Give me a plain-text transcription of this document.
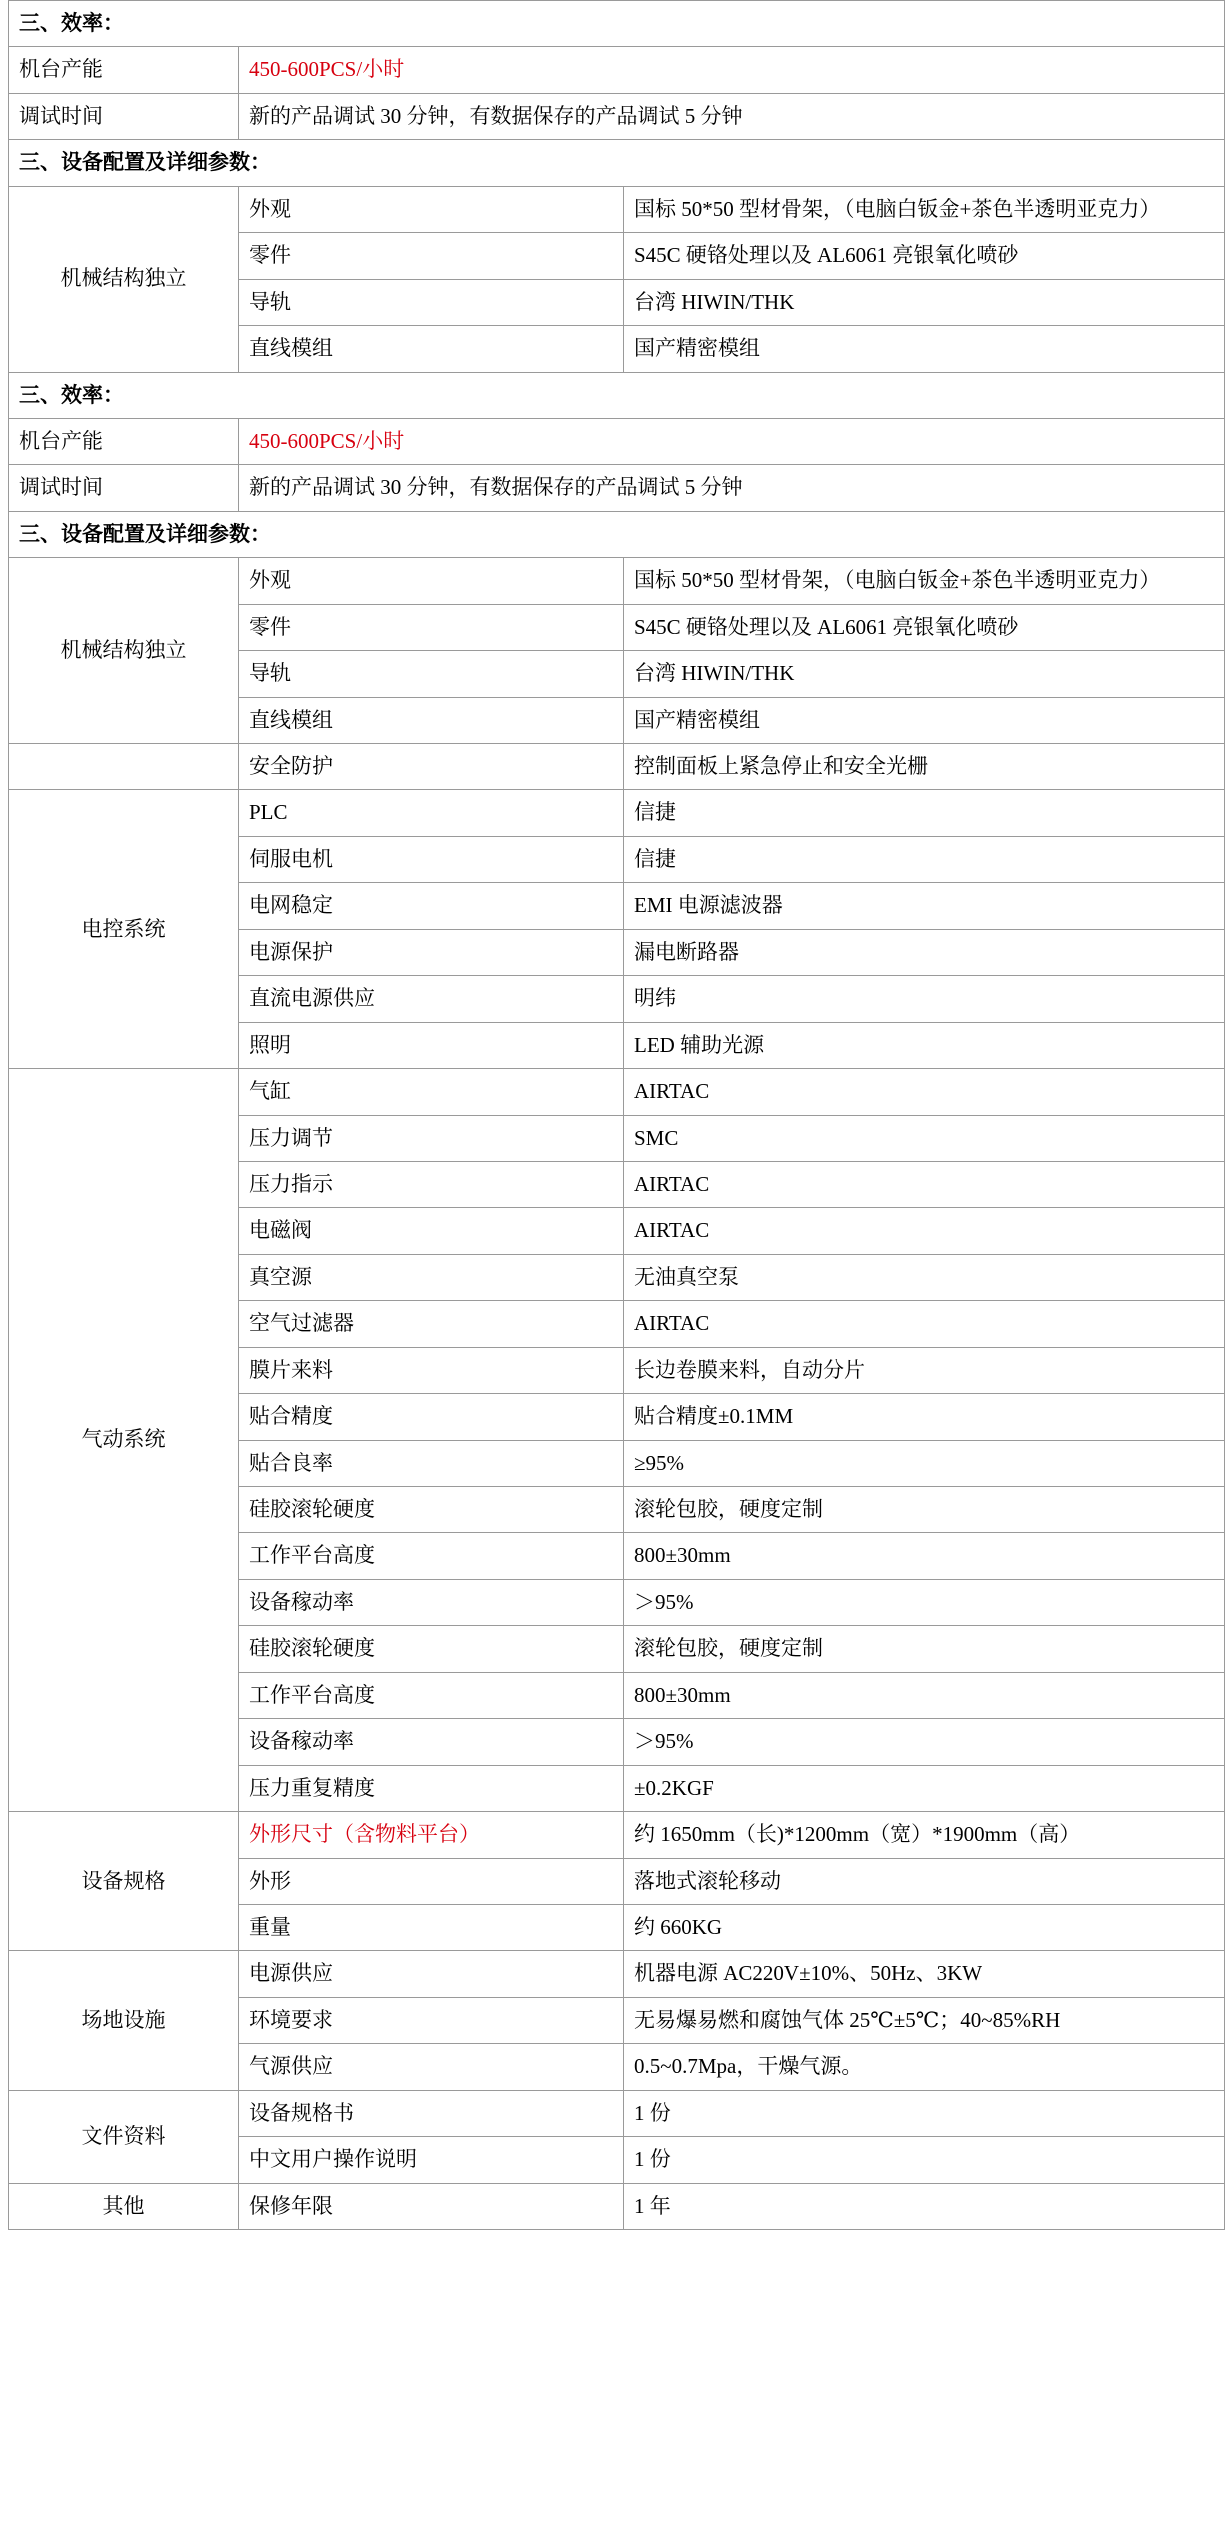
三、效率：		
机台产能	450-600PCS/小时	
调试时间	新的产品调试 30 分钟，有数据保存的产品调试 5 分钟	
三、设备配置及详细参数：		
机械结构独立	外观	国标 50*50 型材骨架，（电脑白钣金+茶色半透明亚克力）
	零件	S45C 硬铬处理以及 AL6061 亮银氧化喷砂
	导轨	台湾 HIWIN/THK
	直线模组	国产精密模组
三、效率：		
机台产能	450-600PCS/小时	
调试时间	新的产品调试 30 分钟，有数据保存的产品调试 5 分钟	
三、设备配置及详细参数：		
机械结构独立	外观	国标 50*50 型材骨架，（电脑白钣金+茶色半透明亚克力）
	零件	S45C 硬铬处理以及 AL6061 亮银氧化喷砂
	导轨	台湾 HIWIN/THK
	直线模组	国产精密模组
	安全防护	控制面板上紧急停止和安全光栅
电控系统	PLC	信捷
	伺服电机	信捷
	电网稳定	EMI 电源滤波器
	电源保护	漏电断路器
	直流电源供应	明纬
	照明	LED 辅助光源
气动系统	气缸	AIRTAC
	压力调节	SMC
	压力指示	AIRTAC
	电磁阀	AIRTAC
	真空源	无油真空泵
	空气过滤器	AIRTAC
	膜片来料	长边卷膜来料，自动分片
	贴合精度	贴合精度±0.1MM
	贴合良率	≥95%
	硅胶滚轮硬度	滚轮包胶，硬度定制
	工作平台高度	800±30mm
	设备稼动率	＞95%
	硅胶滚轮硬度	滚轮包胶，硬度定制
	工作平台高度	800±30mm
	设备稼动率	＞95%
	压力重复精度	±0.2KGF
设备规格	外形尺寸（含物料平台）	约 1650mm（长)*1200mm（宽）*1900mm（高）
	外形	落地式滚轮移动
	重量	约 660KG
场地设施	电源供应	机器电源 AC220V±10%、50Hz、3KW
	环境要求	无易爆易燃和腐蚀气体 25℃±5℃；40~85%RH
	气源供应	0.5~0.7Mpa，干燥气源。
文件资料	设备规格书	1 份
	中文用户操作说明	1 份
其他	保修年限	1 年
